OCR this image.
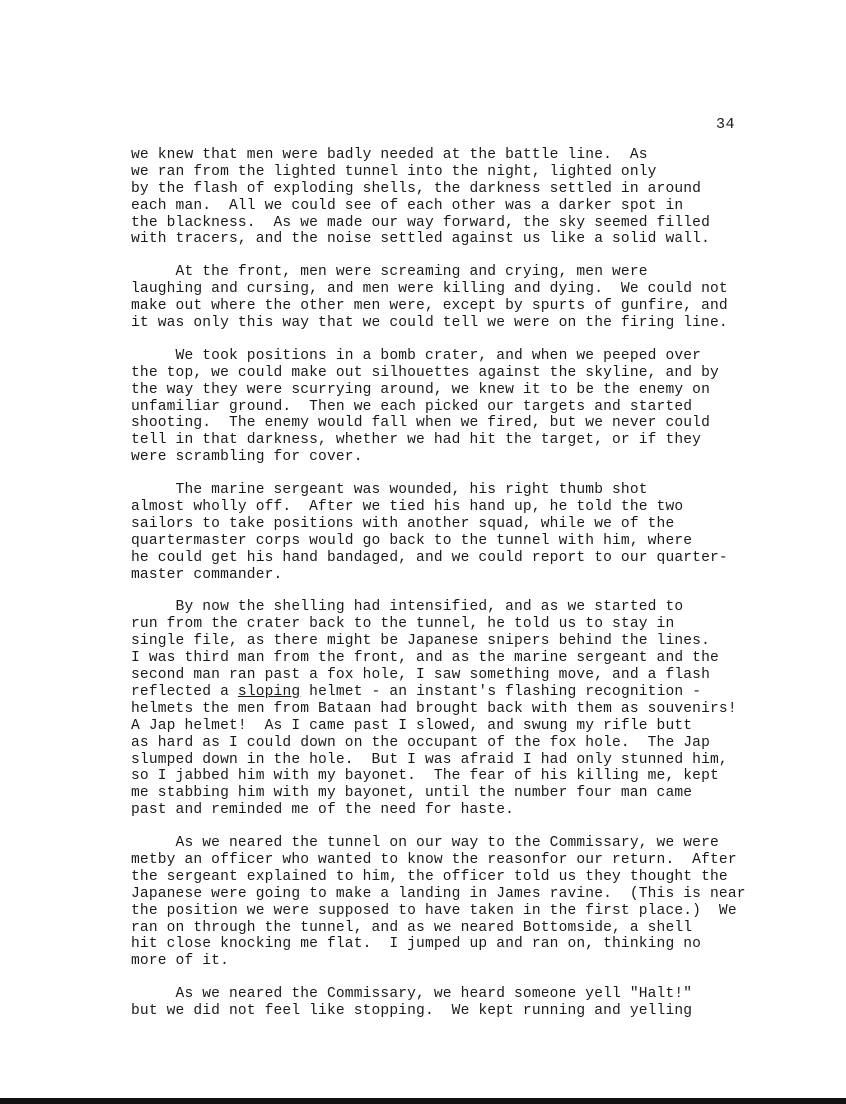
34
we knew that men were badly needed at the battle line.  As
we ran from the lighted tunnel into the night, lighted only
by the flash of exploding shells, the darkness settled in around
each man.  All we could see of each other was a darker spot in
the blackness.  As we made our way forward, the sky seemed filled
with tracers, and the noise settled against us like a solid wall.
At the front, men were screaming and crying, men were
laughing and cursing, and men were killing and dying.  We could not
make out where the other men were, except by spurts of gunfire, and
it was only this way that we could tell we were on the firing line.
We took positions in a bomb crater, and when we peeped over
the top, we could make out silhouettes against the skyline, and by
the way they were scurrying around, we knew it to be the enemy on
unfamiliar ground.  Then we each picked our targets and started
shooting.  The enemy would fall when we fired, but we never could
tell in that darkness, whether we had hit the target, or if they
were scrambling for cover.
The marine sergeant was wounded, his right thumb shot
almost wholly off.  After we tied his hand up, he told the two
sailors to take positions with another squad, while we of the
quartermaster corps would go back to the tunnel with him, where
he could get his hand bandaged, and we could report to our quarter-
master commander.
By now the shelling had intensified, and as we started to
run from the crater back to the tunnel, he told us to stay in
single file, as there might be Japanese snipers behind the lines.
I was third man from the front, and as the marine sergeant and the
second man ran past a fox hole, I saw something move, and a flash
reflected a sloping helmet - an instant's flashing recognition -
helmets the men from Bataan had brought back with them as souvenirs!
A Jap helmet!  As I came past I slowed, and swung my rifle butt
as hard as I could down on the occupant of the fox hole.  The Jap
slumped down in the hole.  But I was afraid I had only stunned him,
so I jabbed him with my bayonet.  The fear of his killing me, kept
me stabbing him with my bayonet, until the number four man came
past and reminded me of the need for haste.
As we neared the tunnel on our way to the Commissary, we were
metby an officer who wanted to know the reasonfor our return.  After
the sergeant explained to him, the officer told us they thought the
Japanese were going to make a landing in James ravine.  (This is near
the position we were supposed to have taken in the first place.)  We
ran on through the tunnel, and as we neared Bottomside, a shell
hit close knocking me flat.  I jumped up and ran on, thinking no
more of it.
As we neared the Commissary, we heard someone yell "Halt!"
but we did not feel like stopping.  We kept running and yelling
